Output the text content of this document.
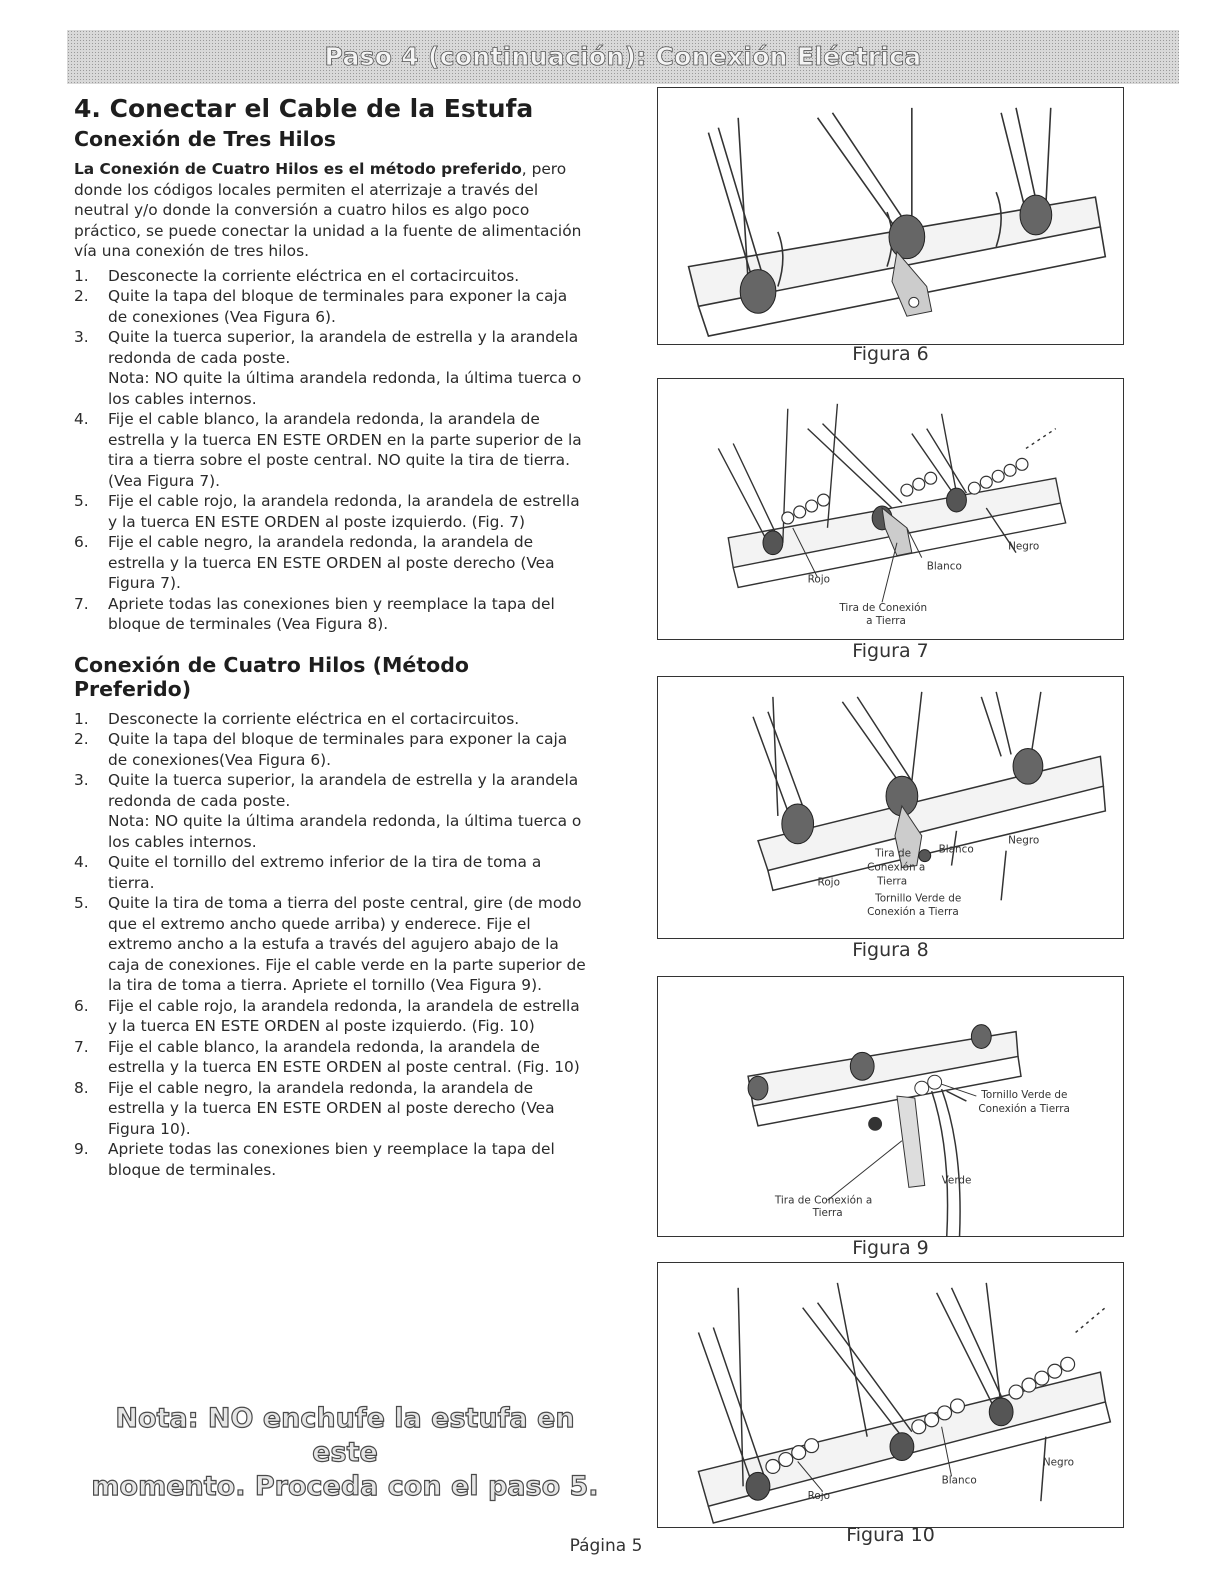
Paso 4 (continuación): Conexión Eléctrica
4. Conectar el Cable de la Estufa
Conexión de Tres Hilos

La Conexión de Cuatro Hilos es el método preferido, pero donde los códigos locales permiten el aterrizaje a través del neutral y/o donde la conversión a cuatro hilos es algo poco práctico, se puede conectar la unidad a la fuente de alimentación vía una conexión de tres hilos.

1. Desconecte la corriente eléctrica en el cortacircuitos.
2. Quite la tapa del bloque de terminales para exponer la caja de conexiones (Vea Figura 6).
3. Quite la tuerca superior, la arandela de estrella y la arandela redonda de cada poste.
Nota: NO quite la última arandela redonda, la última tuerca o los cables internos.
4. Fije el cable blanco, la arandela redonda, la arandela de estrella y la tuerca EN ESTE ORDEN en la parte superior de la tira a tierra sobre el poste central. NO quite la tira de tierra. (Vea Figura 7).
5. Fije el cable rojo, la arandela redonda, la arandela de estrella y la tuerca EN ESTE ORDEN al poste izquierdo. (Fig. 7)
6. Fije el cable negro, la arandela redonda, la arandela de estrella y la tuerca EN ESTE ORDEN al poste derecho (Vea Figura 7).
7. Apriete todas las conexiones bien y reemplace la tapa del bloque de terminales (Vea Figura 8).
Conexión de Cuatro Hilos (Método Preferido)
1. Desconecte la corriente eléctrica en el cortacircuitos.
2. Quite la tapa del bloque de terminales para exponer la caja de conexiones(Vea Figura 6).
3. Quite la tuerca superior, la arandela de estrella y la arandela redonda de cada poste.
Nota: NO quite la última arandela redonda, la última tuerca o los cables internos.
4. Quite el tornillo del extremo inferior de la tira de toma a tierra.
5. Quite la tira de toma a tierra del poste central, gire (de modo que el extremo ancho quede arriba) y enderece. Fije el extremo ancho a la estufa a través del agujero abajo de la caja de conexiones. Fije el cable verde en la parte superior de la tira de toma a tierra. Apriete el tornillo (Vea Figura 9).
6. Fije el cable rojo, la arandela redonda, la arandela de estrella y la tuerca EN ESTE ORDEN al poste izquierdo. (Fig. 10)
7. Fije el cable blanco, la arandela redonda, la arandela de estrella y la tuerca EN ESTE ORDEN al poste central. (Fig. 10)
8. Fije el cable negro, la arandela redonda, la arandela de estrella y la tuerca EN ESTE ORDEN al poste derecho (Vea Figura 10).
9. Apriete todas las conexiones bien y reemplace la tapa del bloque de terminales.
Nota: NO enchufe la estufa en este
momento. Proceda con el paso 5.
Figura 6
Rojo
Blanco
Negro
Tira de Conexión
a Tierra
Figura 7
Tira de
Conexión a
Tierra
Blanco
Negro
Rojo
Tornillo Verde de
Conexión a Tierra
Figura 8
Tornillo Verde de
Conexión a Tierra
Verde
Tira de Conexión a
Tierra
Figura 9
Negro
Blanco
Rojo
Figura 10
Página 5
